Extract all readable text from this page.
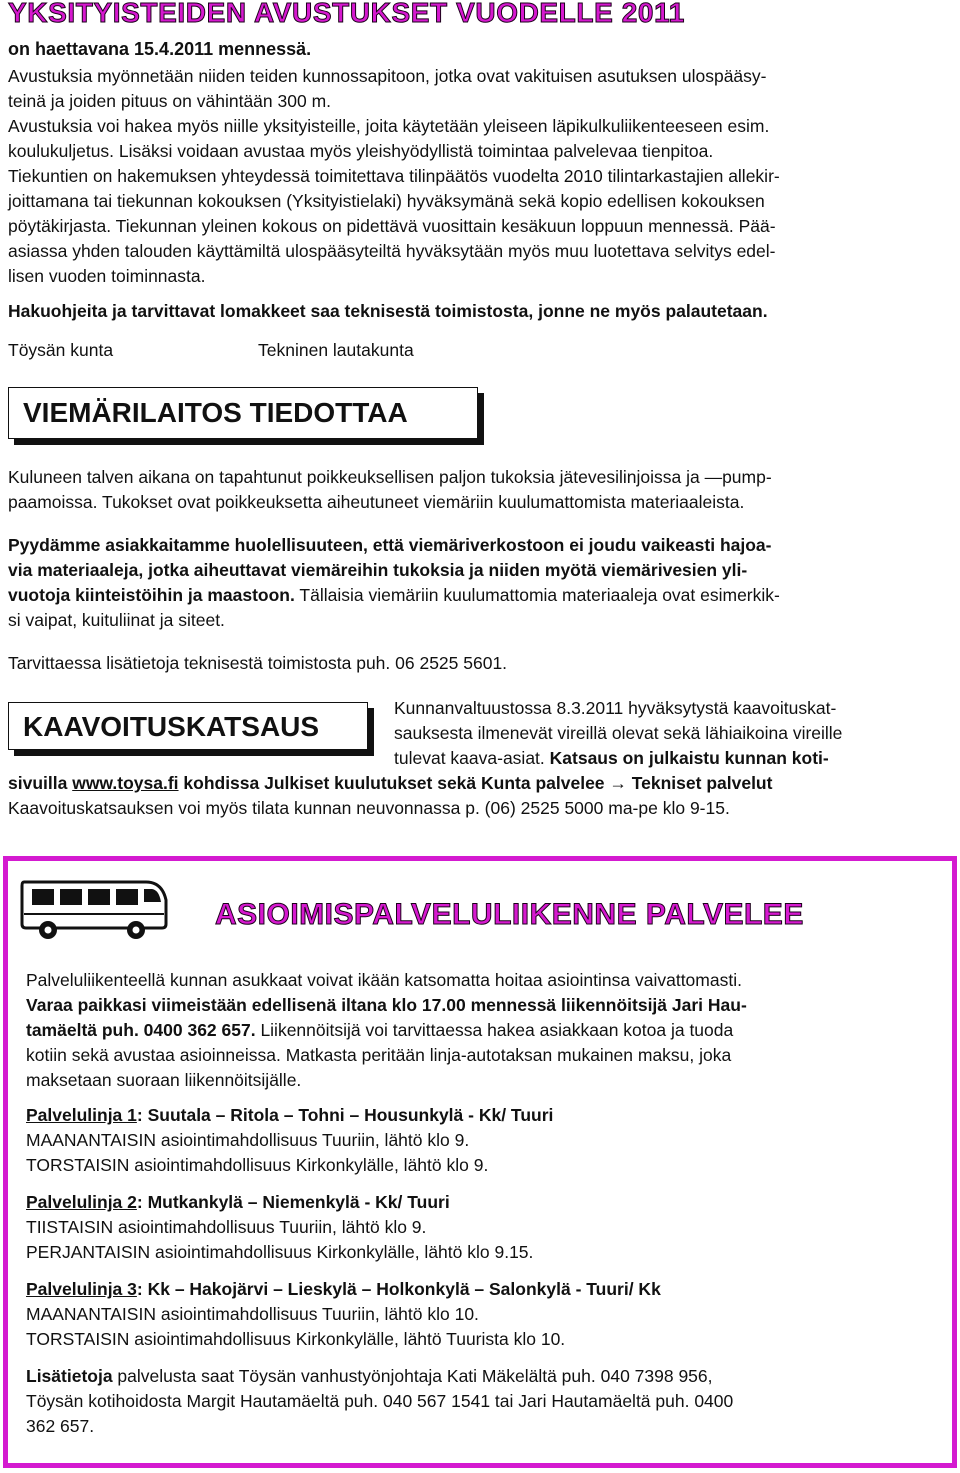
YKSITYISTEIDEN AVUSTUKSET VUODELLE 2011
on haettavana 15.4.2011 mennessä.

Avustuksia myönnetään niiden teiden kunnossapitoon, jotka ovat vakituisen asutuksen ulospääsy-

teinä ja joiden pituus on vähintään 300 m.

Avustuksia voi hakea myös niille yksityisteille, joita käytetään yleiseen läpikulkuliikenteeseen esim.

koulukuljetus. Lisäksi voidaan avustaa myös yleishyödyllistä toimintaa palvelevaa tienpitoa.

Tiekuntien on hakemuksen yhteydessä toimitettava tilinpäätös vuodelta 2010 tilintarkastajien allekir-

joittamana tai tiekunnan kokouksen (Yksityistielaki) hyväksymänä sekä kopio edellisen kokouksen

pöytäkirjasta. Tiekunnan yleinen kokous on pidettävä vuosittain kesäkuun loppuun mennessä. Pää-

asiassa yhden talouden käyttämiltä ulospääsyteiltä hyväksytään myös muu luotettava selvitys edel-

lisen vuoden toiminnasta.

Hakuohjeita ja tarvittavat lomakkeet saa teknisestä toimistosta, jonne ne myös palautetaan.

Töysän kunta	Tekninen lautakunta
VIEMÄRILAITOS TIEDOTTAA

Kuluneen talven aikana on tapahtunut poikkeuksellisen paljon tukoksia jätevesilinjoissa ja —pump-

paamoissa. Tukokset ovat poikkeuksetta aiheutuneet viemäriin kuulumattomista materiaaleista.

Pyydämme asiakkaitamme huolellisuuteen, että viemäriverkostoon ei joudu vaikeasti hajoa-

via materiaaleja, jotka aiheuttavat viemäreihin tukoksia ja niiden myötä viemärivesien yli-

vuotoja kiinteistöihin ja maastoon. Tällaisia viemäriin kuulumattomia materiaaleja ovat esimerkik-

si vaipat, kuituliinat ja siteet.

Tarvittaessa lisätietoja teknisestä toimistosta puh. 06 2525 5601.

KAAVOITUSKATSAUS

Kunnanvaltuustossa 8.3.2011 hyväksytystä kaavoituskat-

sauksesta ilmenevät vireillä olevat sekä lähiaikoina vireille

tulevat kaava-asiat. Katsaus on julkaistu kunnan koti-

sivuilla www.toysa.fi kohdissa Julkiset kuulutukset sekä Kunta palvelee → Tekniset palvelut

Kaavoituskatsauksen voi myös tilata kunnan neuvonnassa p. (06) 2525 5000 ma-pe klo 9-15.

ASIOIMISPALVELULIIKENNE PALVELEE

Palveluliikenteellä kunnan asukkaat voivat ikään katsomatta hoitaa asiointinsa vaivattomasti.

Varaa paikkasi viimeistään edellisenä iltana klo 17.00 mennessä liikennöitsijä Jari Hau-

tamäeltä puh. 0400 362 657. Liikennöitsijä voi tarvittaessa hakea asiakkaan kotoa ja tuoda

kotiin sekä avustaa asioinneissa. Matkasta peritään linja-autotaksan mukainen maksu, joka

maksetaan suoraan liikennöitsijälle.

Palvelulinja 1: Suutala – Ritola – Tohni – Housunkylä - Kk/ Tuuri

MAANANTAISIN asiointimahdollisuus Tuuriin, lähtö klo 9.

TORSTAISIN asiointimahdollisuus Kirkonkylälle, lähtö klo 9.

Palvelulinja 2: Mutkankylä – Niemenkylä - Kk/ Tuuri

TIISTAISIN asiointimahdollisuus Tuuriin, lähtö klo 9.

PERJANTAISIN asiointimahdollisuus Kirkonkylälle, lähtö klo 9.15.

Palvelulinja 3: Kk – Hakojärvi – Lieskylä – Holkonkylä – Salonkylä - Tuuri/ Kk

MAANANTAISIN asiointimahdollisuus Tuuriin, lähtö klo 10.

TORSTAISIN asiointimahdollisuus Kirkonkylälle, lähtö Tuurista klo 10.

Lisätietoja palvelusta saat Töysän vanhustyönjohtaja Kati Mäkelältä puh. 040 7398 956,

Töysän kotihoidosta Margit Hautamäeltä puh. 040 567 1541 tai Jari Hautamäeltä puh. 0400

362 657.
